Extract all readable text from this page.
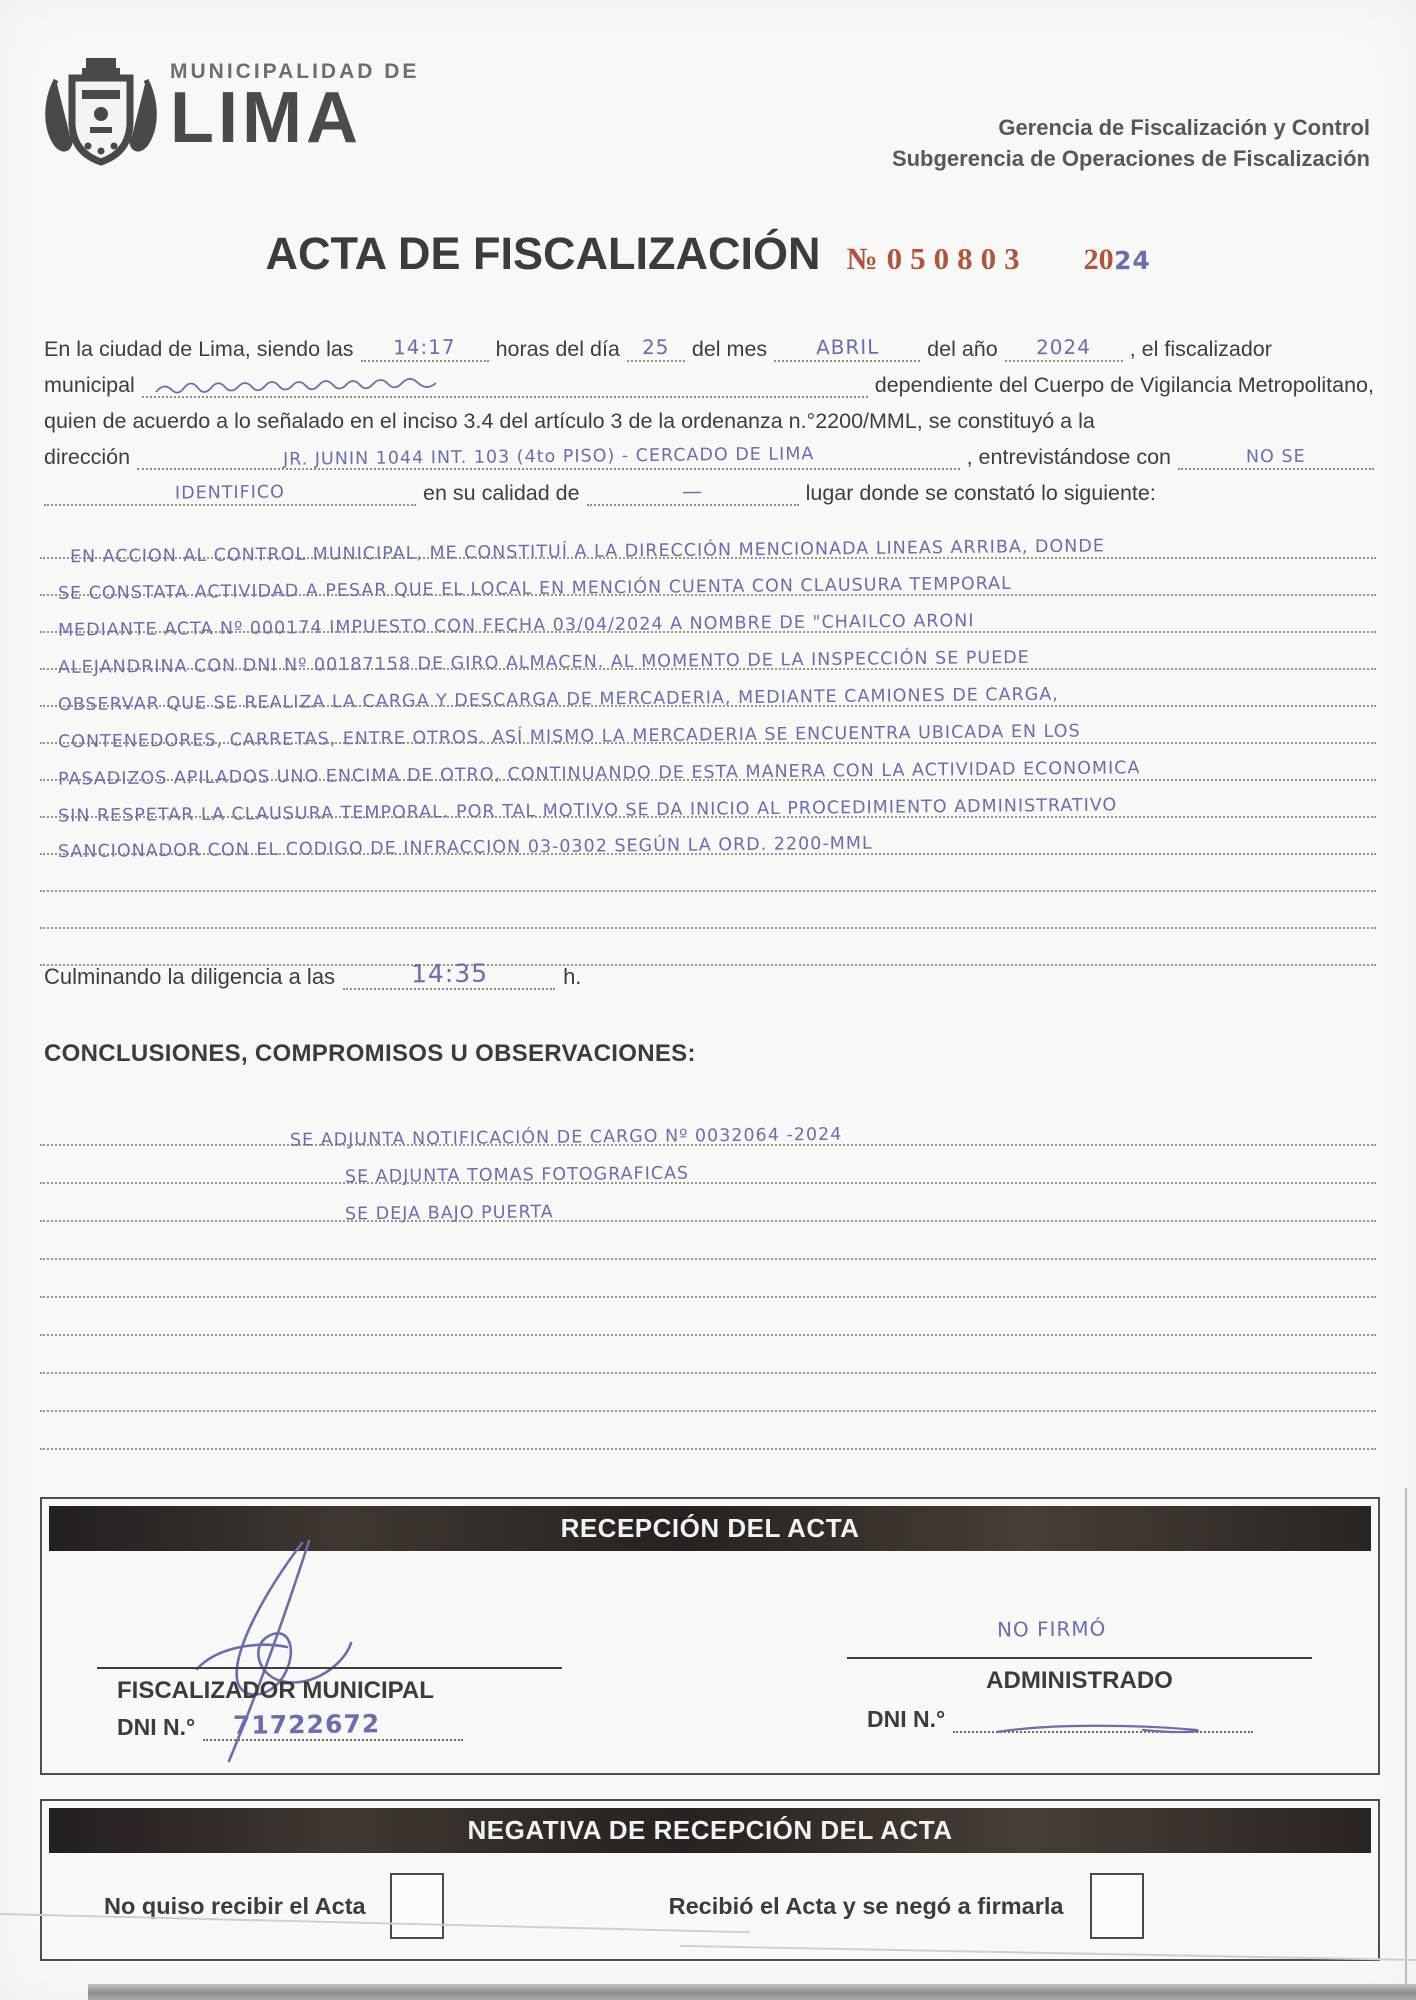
MUNICIPALIDAD DE
LIMA	Gerencia de Fiscalización y Control
Subgerencia de Operaciones de Fiscalización
ACTA DE FISCALIZACIÓN № 050803 2024
En la ciudad de Lima, siendo las	14:17	horas del día	25	del mes	ABRIL	del año	2024	, el fiscalizador
municipal	dependiente del Cuerpo de Vigilancia Metropolitano,
quien de acuerdo a lo señalado en el inciso 3.4 del artículo 3 de la ordenanza n.°2200/MML, se constituyó a la
dirección	JR. JUNIN 1044 INT. 103 (4to PISO) - CERCADO DE LIMA	, entrevistándose con	NO SE
IDENTIFICO	en su calidad de	—	lugar donde se constató lo siguiente:
EN ACCION AL CONTROL MUNICIPAL, ME CONSTITUÍ A LA DIRECCIÓN MENCIONADA LINEAS ARRIBA, DONDE
SE CONSTATA ACTIVIDAD A PESAR QUE EL LOCAL EN MENCIÓN CUENTA CON CLAUSURA TEMPORAL
MEDIANTE ACTA Nº 000174 IMPUESTO CON FECHA 03/04/2024 A NOMBRE DE "CHAILCO ARONI
ALEJANDRINA CON DNI Nº 00187158 DE GIRO ALMACEN. AL MOMENTO DE LA INSPECCIÓN SE PUEDE
OBSERVAR QUE SE REALIZA LA CARGA Y DESCARGA DE MERCADERIA, MEDIANTE CAMIONES DE CARGA,
CONTENEDORES, CARRETAS, ENTRE OTROS. ASÍ MISMO LA MERCADERIA SE ENCUENTRA UBICADA EN LOS
PASADIZOS APILADOS UNO ENCIMA DE OTRO, CONTINUANDO DE ESTA MANERA CON LA ACTIVIDAD ECONOMICA
SIN RESPETAR LA CLAUSURA TEMPORAL. POR TAL MOTIVO SE DA INICIO AL PROCEDIMIENTO ADMINISTRATIVO
SANCIONADOR CON EL CODIGO DE INFRACCION 03-0302 SEGÚN LA ORD. 2200-MML
Culminando la diligencia a las	14:35	h.
CONCLUSIONES, COMPROMISOS U OBSERVACIONES:
SE ADJUNTA NOTIFICACIÓN DE CARGO Nº 0032064 -2024
SE ADJUNTA TOMAS FOTOGRAFICAS
SE DEJA BAJO PUERTA
RECEPCIÓN DEL ACTA
FISCALIZADOR MUNICIPAL
DNI N.° 71722672
NO FIRMÓ
ADMINISTRADO
DNI N.°
NEGATIVA DE RECEPCIÓN DEL ACTA
No quiso recibir el Acta	Recibió el Acta y se negó a firmarla
